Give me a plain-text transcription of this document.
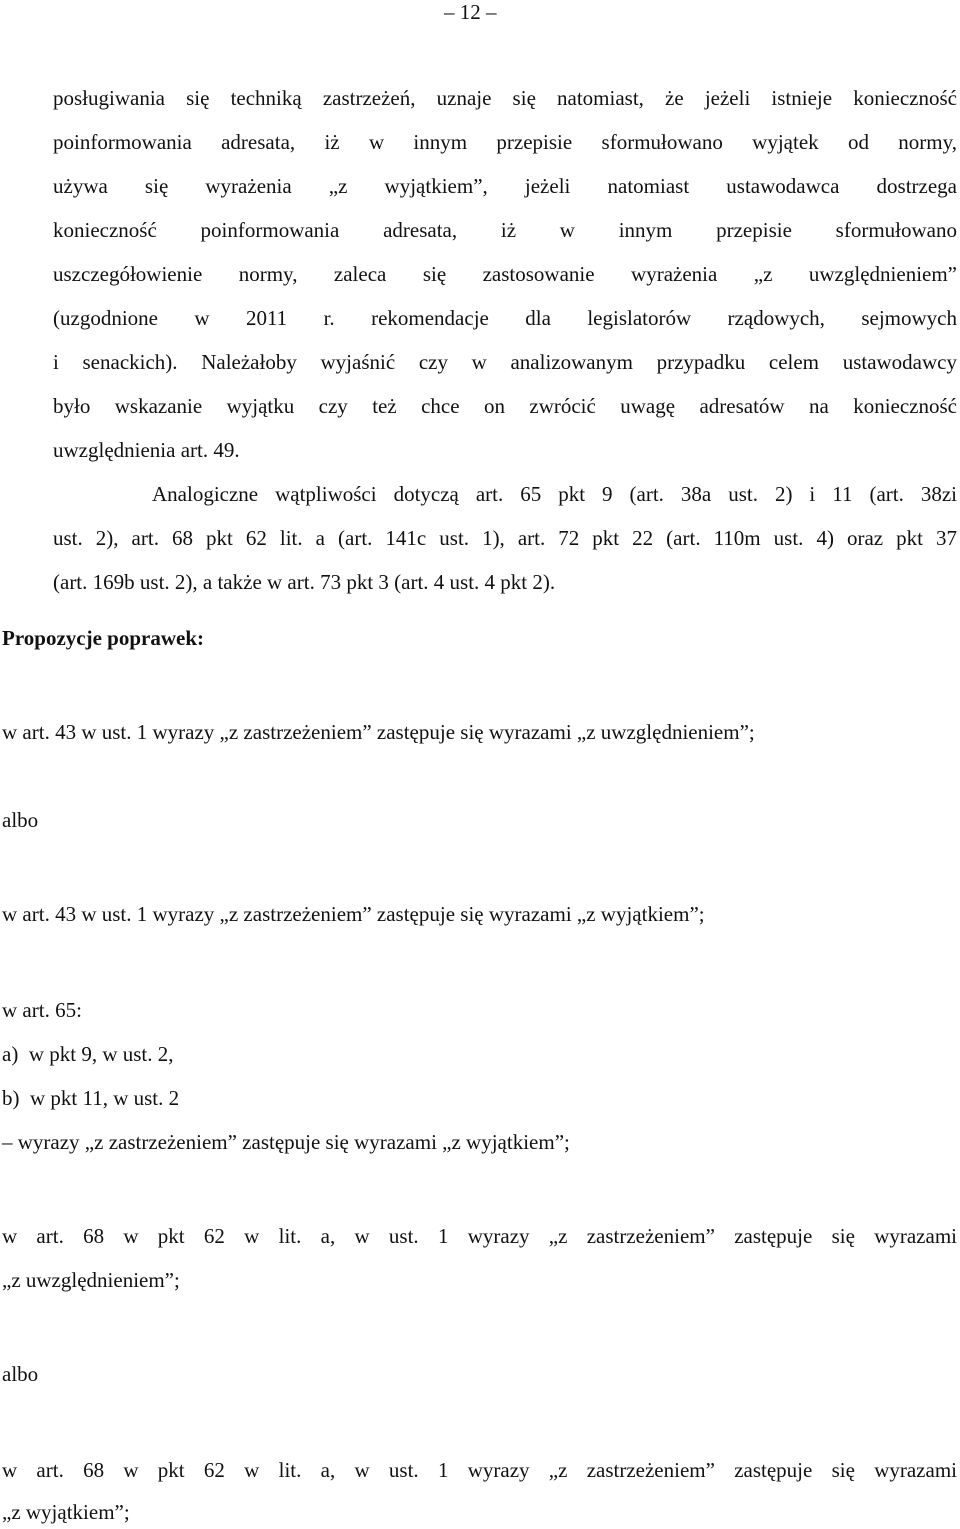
– 12 –
posługiwania się techniką zastrzeżeń, uznaje się natomiast, że jeżeli istnieje konieczność
poinformowania adresata, iż w innym przepisie sformułowano wyjątek od normy,
używa się wyrażenia „z wyjątkiem”, jeżeli natomiast ustawodawca dostrzega
konieczność poinformowania adresata, iż w innym przepisie sformułowano
uszczegółowienie normy, zaleca się zastosowanie wyrażenia „z uwzględnieniem”
(uzgodnione w 2011 r. rekomendacje dla legislatorów rządowych, sejmowych
i senackich). Należałoby wyjaśnić czy w analizowanym przypadku celem ustawodawcy
było wskazanie wyjątku czy też chce on zwrócić uwagę adresatów na konieczność
uwzględnienia art. 49.
Analogiczne wątpliwości dotyczą art. 65 pkt 9 (art. 38a ust. 2) i 11 (art. 38zi
ust. 2), art. 68 pkt 62 lit. a (art. 141c ust. 1), art. 72 pkt 22 (art. 110m ust. 4) oraz pkt 37
(art. 169b ust. 2), a także w art. 73 pkt 3 (art. 4 ust. 4 pkt 2).
Propozycje poprawek:
w art. 43 w ust. 1 wyrazy „z zastrzeżeniem” zastępuje się wyrazami „z uwzględnieniem”;
albo
w art. 43 w ust. 1 wyrazy „z zastrzeżeniem” zastępuje się wyrazami „z wyjątkiem”;
w art. 65:
a)  w pkt 9, w ust. 2,
b)  w pkt 11, w ust. 2
– wyrazy „z zastrzeżeniem” zastępuje się wyrazami „z wyjątkiem”;
w art. 68 w pkt 62 w lit. a, w ust. 1 wyrazy „z zastrzeżeniem” zastępuje się wyrazami
„z uwzględnieniem”;
albo
w art. 68 w pkt 62 w lit. a, w ust. 1 wyrazy „z zastrzeżeniem” zastępuje się wyrazami
„z wyjątkiem”;
